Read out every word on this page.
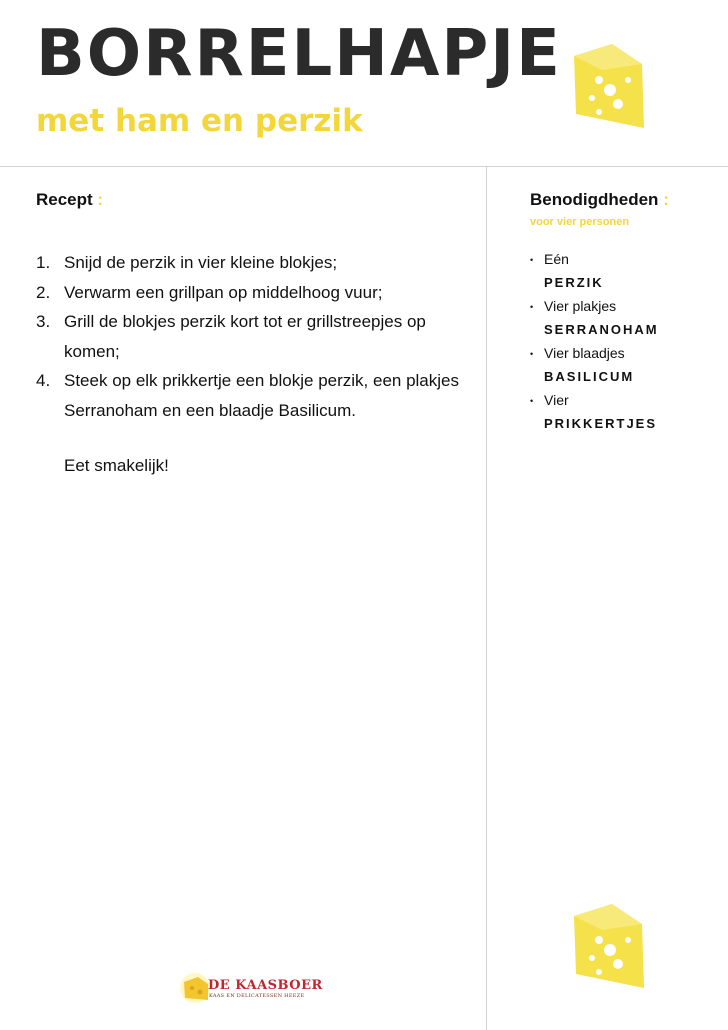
BORRELHAPJE
met ham en perzik
Recept :
1. Snijd de perzik in vier kleine blokjes;
2. Verwarm een grillpan op middelhoog vuur;
3. Grill de blokjes perzik kort tot er grillstreepjes op komen;
4. Steek op elk prikkertje een blokje perzik, een plakjes Serranoham en een blaadje Basilicum.

Eet smakelijk!

Benodigdheden :

voor vier personen

• Eén
PERZIK
• Vier plakjes
SERRANOHAM
• Vier blaadjes
BASILICUM
• Vier
PRIKKERTJES
DE KAASBOER
KAAS EN DELICATESSEN HEEZE
